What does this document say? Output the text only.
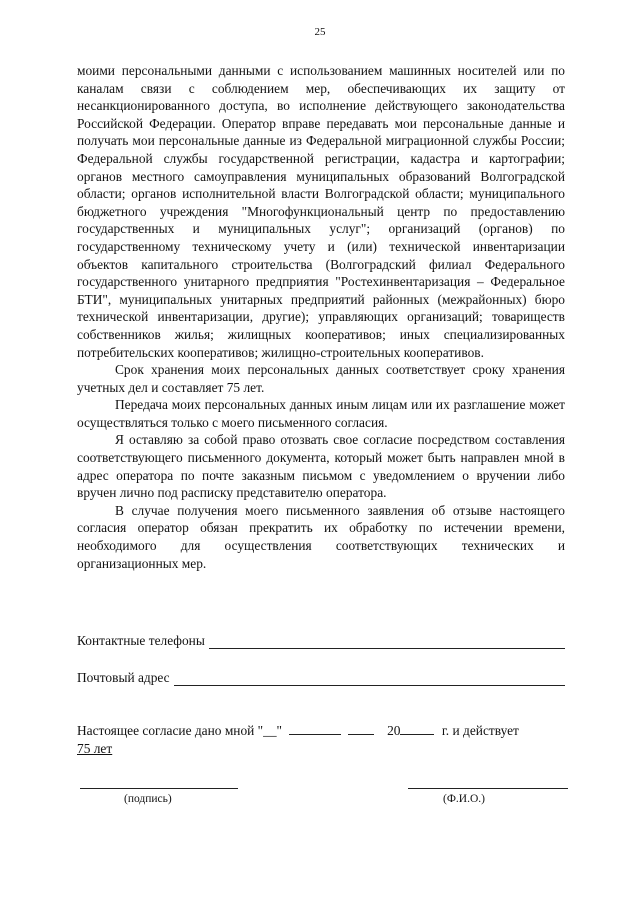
25

моими персональными данными с использованием машинных носителей или по каналам связи с соблюдением мер, обеспечивающих их защиту от несанкционированного доступа, во исполнение действующего законодательства Российской Федерации. Оператор вправе передавать мои персональные данные и получать мои персональные данные из Федеральной миграционной службы России; Федеральной службы государственной регистрации, кадастра и картографии; органов местного самоуправления муниципальных образований Волгоградской области; органов исполнительной власти Волгоградской области; муниципального бюджетного учреждения "Многофункциональный центр по предоставлению государственных и муниципальных услуг"; организаций (органов) по государственному техническому учету и (или) технической инвентаризации объектов капитального строительства (Волгоградский филиал Федерального государственного унитарного предприятия "Ростехинвентаризация – Федеральное БТИ", муниципальных унитарных предприятий районных (межрайонных) бюро технической инвентаризации, другие); управляющих организаций; товариществ собственников жилья; жилищных кооперативов; иных специализированных потребительских кооперативов; жилищно-строительных кооперативов.

Срок хранения моих персональных данных соответствует сроку хранения учетных дел и составляет 75 лет.

Передача моих персональных данных иным лицам или их разглашение может осуществляться только с моего письменного согласия.

Я оставляю за собой право отозвать свое согласие посредством составления соответствующего письменного документа, который может быть направлен мной в адрес оператора по почте заказным письмом с уведомлением о вручении либо вручен лично под расписку представителю оператора.

В случае получения моего письменного заявления об отзыве настоящего согласия оператор обязан прекратить их обработку по истечении времени, необходимого для осуществления соответствующих технических и организационных мер.

Контактные телефоны
Почтовый адрес
Настоящее согласие дано мной "__"	20	г. и действует
75 лет
(подпись)	(Ф.И.О.)
